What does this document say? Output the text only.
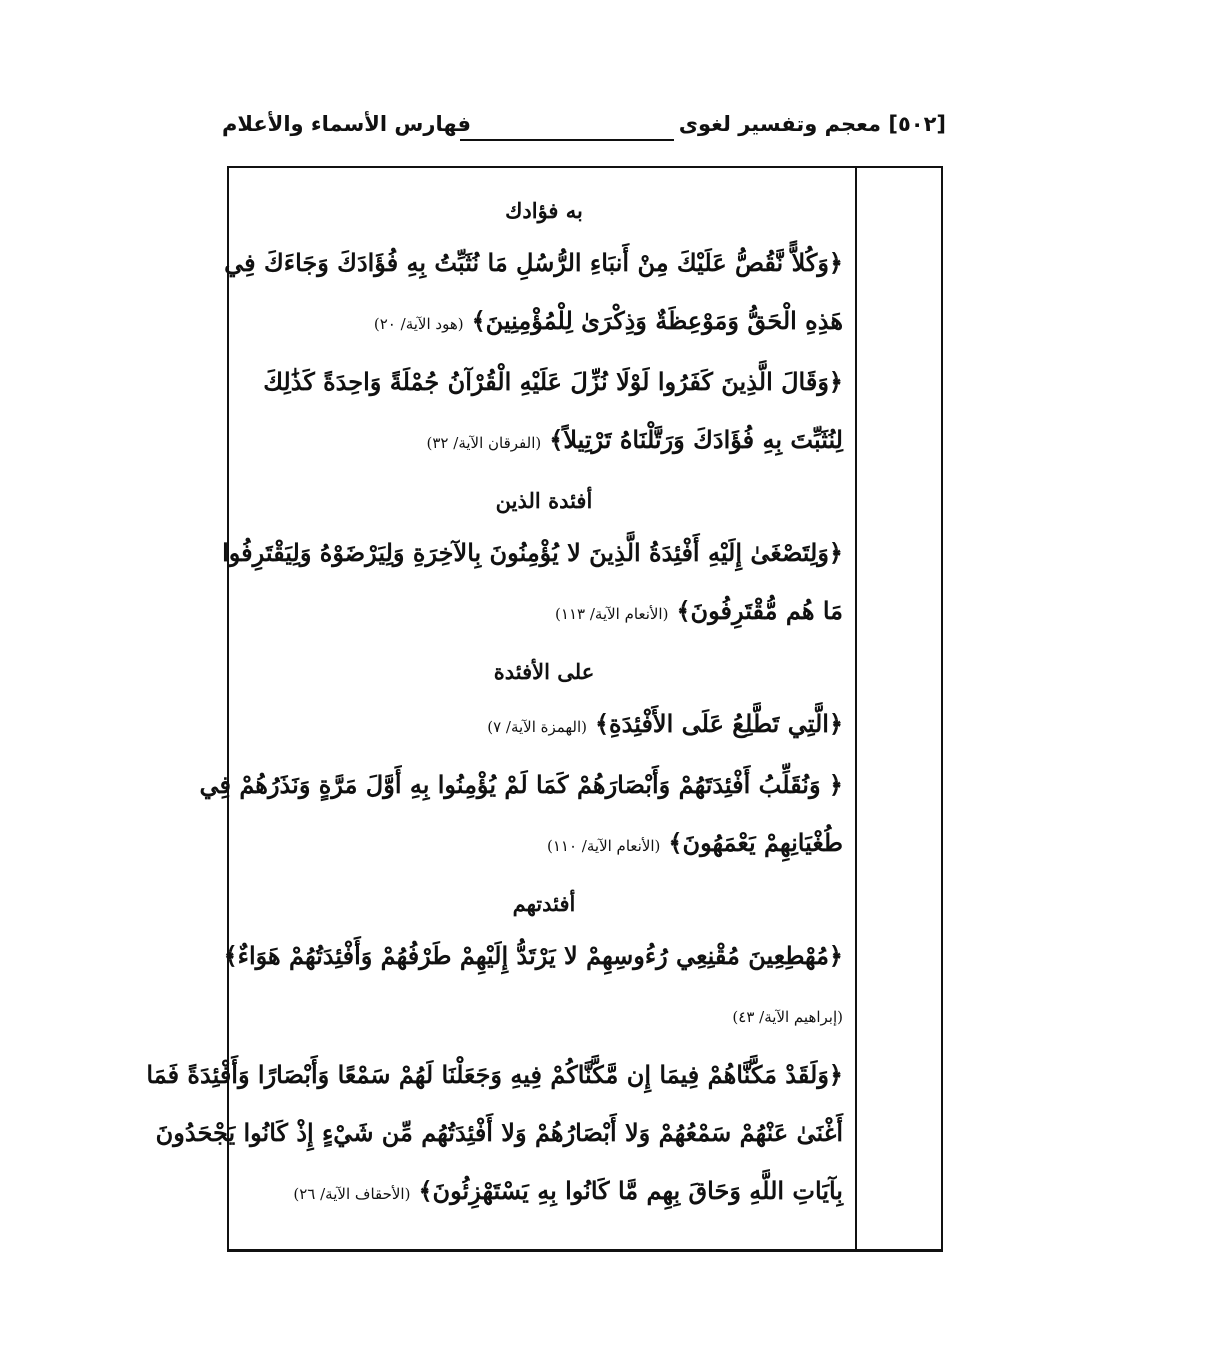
[٥٠٢] معجم وتفسير لغوى
فهارس الأسماء والأعلام
به فؤادك
﴿وَكُلاًّ نَّقُصُّ عَلَيْكَ مِنْ أَنبَاءِ الرُّسُلِ مَا نُثَبِّتُ بِهِ فُؤَادَكَ وَجَاءَكَ فِي
هَذِهِ الْحَقُّ وَمَوْعِظَةٌ وَذِكْرَىٰ لِلْمُؤْمِنِينَ﴾(هود الآية/ ٢٠)
﴿وَقَالَ الَّذِينَ كَفَرُوا لَوْلَا نُزِّلَ عَلَيْهِ الْقُرْآنُ جُمْلَةً وَاحِدَةً كَذَٰلِكَ
لِنُثَبِّتَ بِهِ فُؤَادَكَ وَرَتَّلْنَاهُ تَرْتِيلاً﴾(الفرقان الآية/ ٣٢)
أفئدة الذين
﴿وَلِتَصْغَىٰ إِلَيْهِ أَفْئِدَةُ الَّذِينَ لا يُؤْمِنُونَ بِالآخِرَةِ وَلِيَرْضَوْهُ وَلِيَقْتَرِفُوا
مَا هُم مُّقْتَرِفُونَ﴾(الأنعام الآية/ ١١٣)
على الأفئدة
﴿الَّتِي تَطَّلِعُ عَلَى الأَفْئِدَةِ﴾(الهمزة الآية/ ٧)
﴿ وَنُقَلِّبُ أَفْئِدَتَهُمْ وَأَبْصَارَهُمْ كَمَا لَمْ يُؤْمِنُوا بِهِ أَوَّلَ مَرَّةٍ وَنَذَرُهُمْ فِي
طُغْيَانِهِمْ يَعْمَهُونَ﴾(الأنعام الآية/ ١١٠)
أفئدتهم
﴿مُهْطِعِينَ مُقْنِعِي رُءُوسِهِمْ لا يَرْتَدُّ إِلَيْهِمْ طَرْفُهُمْ وَأَفْئِدَتُهُمْ هَوَاءٌ﴾
(إبراهيم الآية/ ٤٣)
﴿وَلَقَدْ مَكَّنَّاهُمْ فِيمَا إِن مَّكَّنَّاكُمْ فِيهِ وَجَعَلْنَا لَهُمْ سَمْعًا وَأَبْصَارًا وَأَفْئِدَةً فَمَا
أَغْنَىٰ عَنْهُمْ سَمْعُهُمْ وَلا أَبْصَارُهُمْ وَلا أَفْئِدَتُهُم مِّن شَيْءٍ إِذْ كَانُوا يَجْحَدُونَ
بِآيَاتِ اللَّهِ وَحَاقَ بِهِم مَّا كَانُوا بِهِ يَسْتَهْزِئُونَ﴾(الأحقاف الآية/ ٢٦)
